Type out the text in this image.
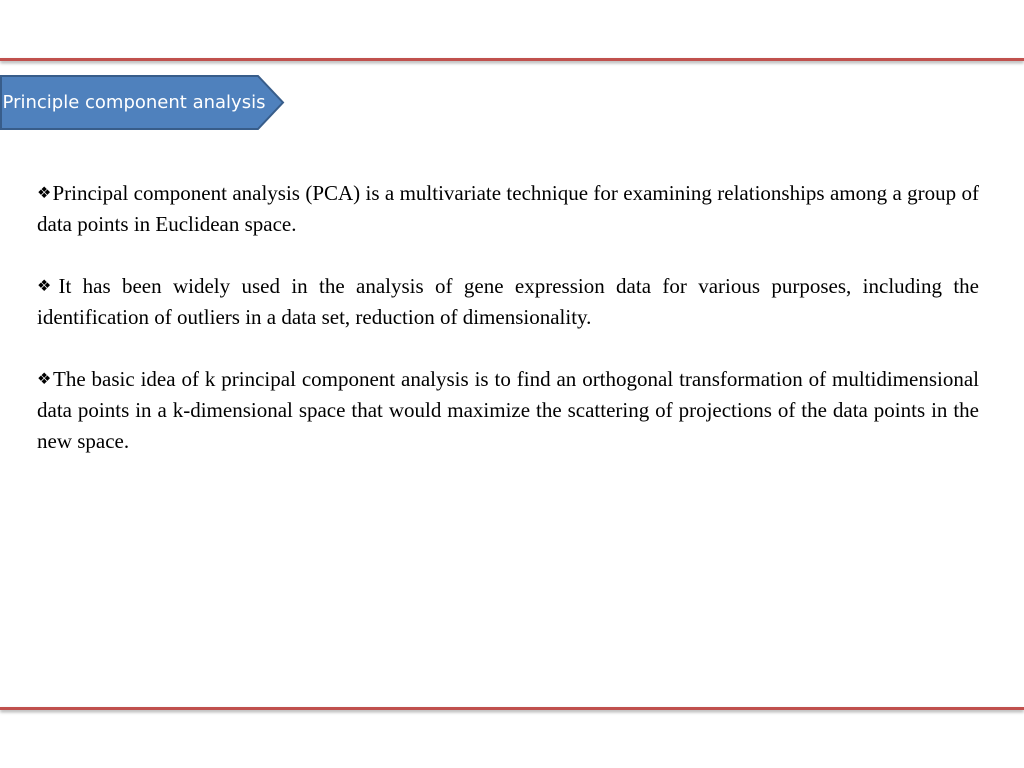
Principle component analysis

❖Principal component analysis (PCA) is a multivariate technique for examining relationships among a group of data points in Euclidean space.

❖It has been widely used in the analysis of gene expression data for various purposes, including the identification of outliers in a data set, reduction of dimensionality.

❖The basic idea of k principal component analysis is to find an orthogonal transformation of multidimensional data points in a k-dimensional space that would maximize the scattering of projections of the data points in the new space.
